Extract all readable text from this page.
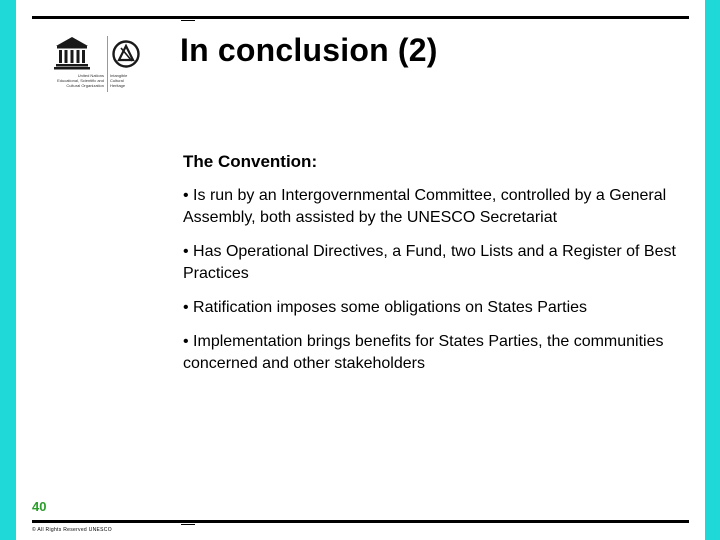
United Nations
Educational, Scientific and
Cultural Organization
Intangible
Cultural
Heritage
In conclusion (2)

The Convention:

• Is run by an Intergovernmental Committee, controlled by a General Assembly, both assisted by the UNESCO Secretariat

• Has Operational Directives, a Fund, two Lists and a Register of Best Practices

• Ratification imposes some obligations on States Parties

• Implementation brings benefits for States Parties, the communities concerned and other stakeholders

40
© All Rights Reserved UNESCO
